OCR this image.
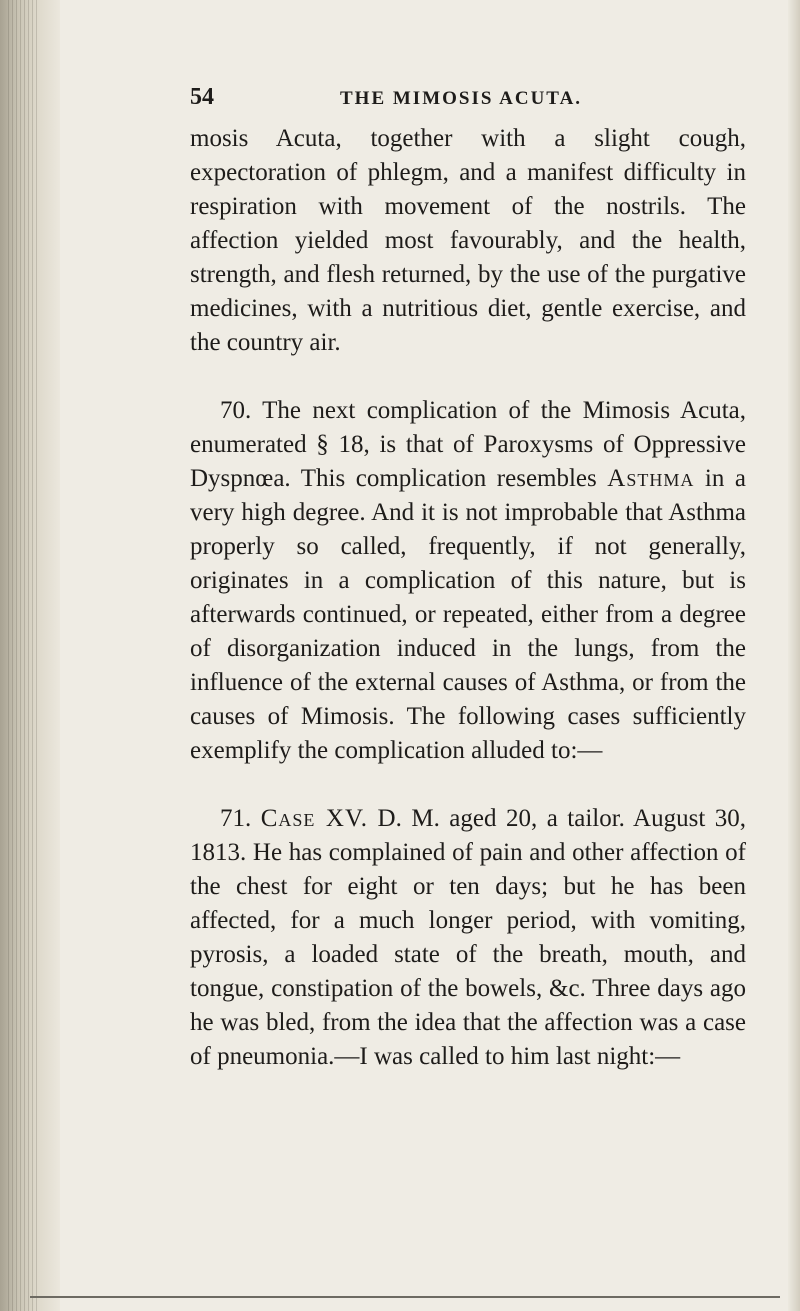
54	THE MIMOSIS ACUTA.

mosis Acuta, together with a slight cough, expectoration of phlegm, and a manifest difficulty in respiration with movement of the nostrils. The affection yielded most favourably, and the health, strength, and flesh returned, by the use of the purgative medicines, with a nutritious diet, gentle exercise, and the country air.

70. The next complication of the Mimosis Acuta, enumerated § 18, is that of Paroxysms of Oppressive Dyspnœa. This complication resembles Asthma in a very high degree. And it is not improbable that Asthma properly so called, frequently, if not generally, originates in a complication of this nature, but is afterwards continued, or repeated, either from a degree of disorganization induced in the lungs, from the influence of the external causes of Asthma, or from the causes of Mimosis. The following cases sufficiently exemplify the complication alluded to:—

71. Case XV. D. M. aged 20, a tailor. August 30, 1813. He has complained of pain and other affection of the chest for eight or ten days; but he has been affected, for a much longer period, with vomiting, pyrosis, a loaded state of the breath, mouth, and tongue, constipation of the bowels, &c. Three days ago he was bled, from the idea that the affection was a case of pneumonia.—I was called to him last night:—
